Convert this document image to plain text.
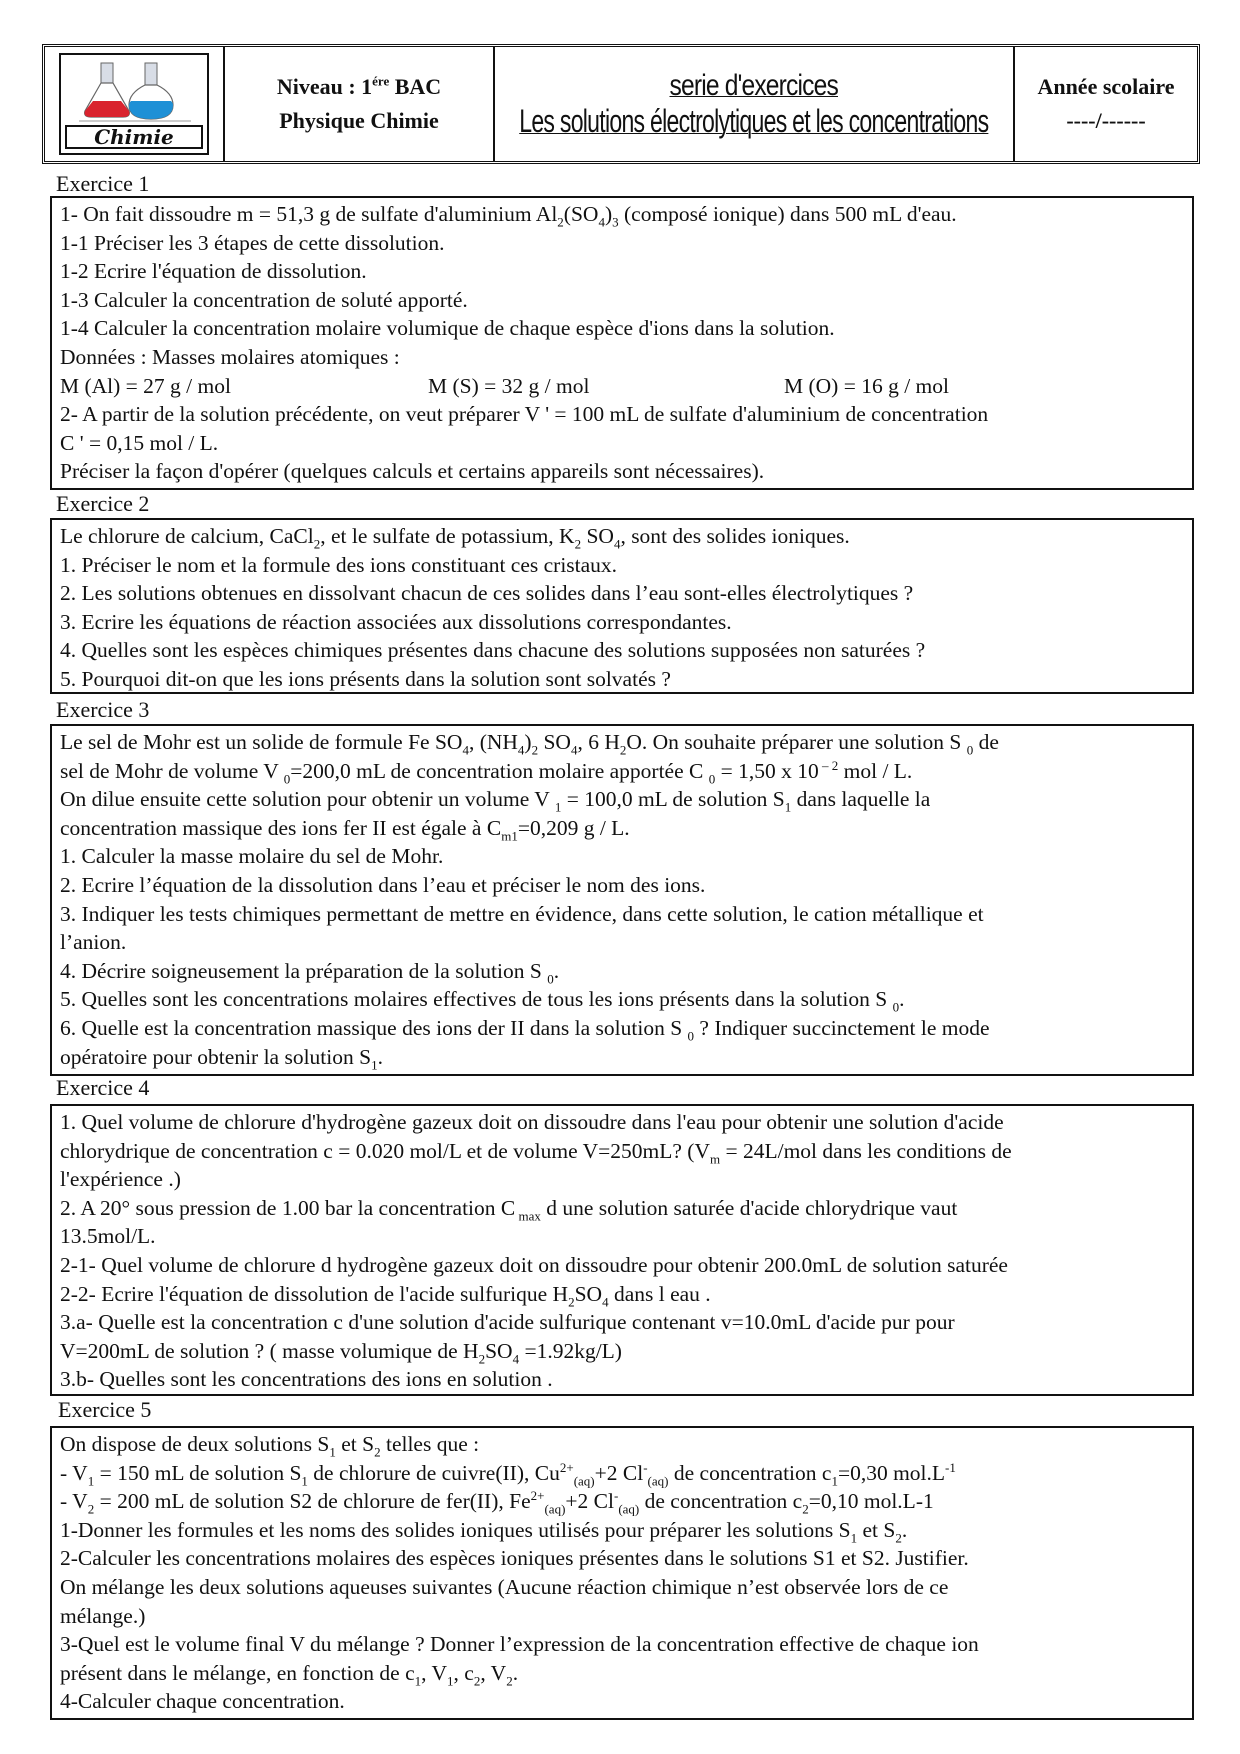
Chimie
Niveau : $1^{ére}$ BAC
Physique Chimie
serie d'exercices
Les solutions électrolytiques et les concentrations
Année scolaire
----/------
Exercice 1

1- On fait dissoudre m = 51,3 g de sulfate d'aluminium $Al_2(SO_4)_3$ (composé ionique) dans 500 mL d'eau.

1-1 Préciser les 3 étapes de cette dissolution.

1-2 Ecrire l'équation de dissolution.

1-3 Calculer la concentration de soluté apporté.

1-4 Calculer la concentration molaire volumique de chaque espèce d'ions dans la solution.

Données : Masses molaires atomiques :

M (Al) = 27 g / mol	M (S) = 32 g / mol	M (O) = 16 g / mol

2- A partir de la solution précédente, on veut préparer V ' = 100 mL de sulfate d'aluminium de concentration

C ' = 0,15 mol / L.

Préciser la façon d'opérer (quelques calculs et certains appareils sont nécessaires).

Exercice 2

Le chlorure de calcium, CaCl$_2$, et le sulfate de potassium, $K_2$ $SO_4$, sont des solides ioniques.

1. Préciser le nom et la formule des ions constituant ces cristaux.

2. Les solutions obtenues en dissolvant chacun de ces solides dans l’eau sont-elles électrolytiques ?

3. Ecrire les équations de réaction associées aux dissolutions correspondantes.

4. Quelles sont les espèces chimiques présentes dans chacune des solutions supposées non saturées ?

5. Pourquoi dit-on que les ions présents dans la solution sont solvatés ?

Exercice 3

Le sel de Mohr est un solide de formule Fe $SO_4$, $(NH_4)_2$ $SO_4$, 6 $H_2O$. On souhaite préparer une solution S $_0$ de

sel de Mohr de volume V $_0$=200,0 mL de concentration molaire apportée C $_0$ = 1,50 x 10 $^{- 2}$ mol / L.

On dilue ensuite cette solution pour obtenir un volume V $_1$ = 100,0 mL de solution $S_1$ dans laquelle la

concentration massique des ions fer II est égale à $C_{m1}=0,209$ g / L.

1. Calculer la masse molaire du sel de Mohr.

2. Ecrire l’équation de la dissolution dans l’eau et préciser le nom des ions.

3. Indiquer les tests chimiques permettant de mettre en évidence, dans cette solution, le cation métallique et

l’anion.

4. Décrire soigneusement la préparation de la solution S $_0$.

5. Quelles sont les concentrations molaires effectives de tous les ions présents dans la solution S $_0$.

6. Quelle est la concentration massique des ions der II dans la solution S $_0$ ? Indiquer succinctement le mode

opératoire pour obtenir la solution $S_1$.

Exercice 4

1. Quel volume de chlorure d'hydrogène gazeux doit on dissoudre dans l'eau pour obtenir une solution d'acide

chlorydrique de concentration c = 0.020 mol/L et de volume V=250mL? ($V_m = 24L/mol$ dans les conditions de

l'expérience .)

2. A 20° sous pression de 1.00 bar la concentration C $_{max}$ d une solution saturée d'acide chlorydrique vaut

13.5mol/L.

2-1- Quel volume de chlorure d hydrogène gazeux doit on dissoudre pour obtenir 200.0mL de solution saturée

2-2- Ecrire l'équation de dissolution de l'acide sulfurique $H_2SO_4$ dans l eau .

3.a- Quelle est la concentration c d'une solution d'acide sulfurique contenant v=10.0mL d'acide pur pour

V=200mL de solution ? ( masse volumique de $H_2SO_4 =1.92kg/L$)

3.b- Quelles sont les concentrations des ions en solution .

Exercice 5

On dispose de deux solutions $S_1$ et $S_2$ telles que :

- $V_1 = 150$ mL de solution $S_1$ de chlorure de cuivre(II), $Cu^{2+}_{(aq)}+2$ $Cl^-_{(aq)}$ de concentration $c_1=0,30$ $mol.L^{-1}$

- $V_2 = 200$ mL de solution S2 de chlorure de fer(II), $Fe^{2+}_{(aq)}+2$ $Cl^-_{(aq)}$ de concentration $c_2=0,10$ mol.L-1

1-Donner les formules et les noms des solides ioniques utilisés pour préparer les solutions $S_1$ et $S_2$.

2-Calculer les concentrations molaires des espèces ioniques présentes dans le solutions S1 et S2. Justifier.

On mélange les deux solutions aqueuses suivantes (Aucune réaction chimique n’est observée lors de ce

mélange.)

3-Quel est le volume final V du mélange ? Donner l’expression de la concentration effective de chaque ion

présent dans le mélange, en fonction de $c_1$, $V_1$, $c_2$, $V_2$.

4-Calculer chaque concentration.
